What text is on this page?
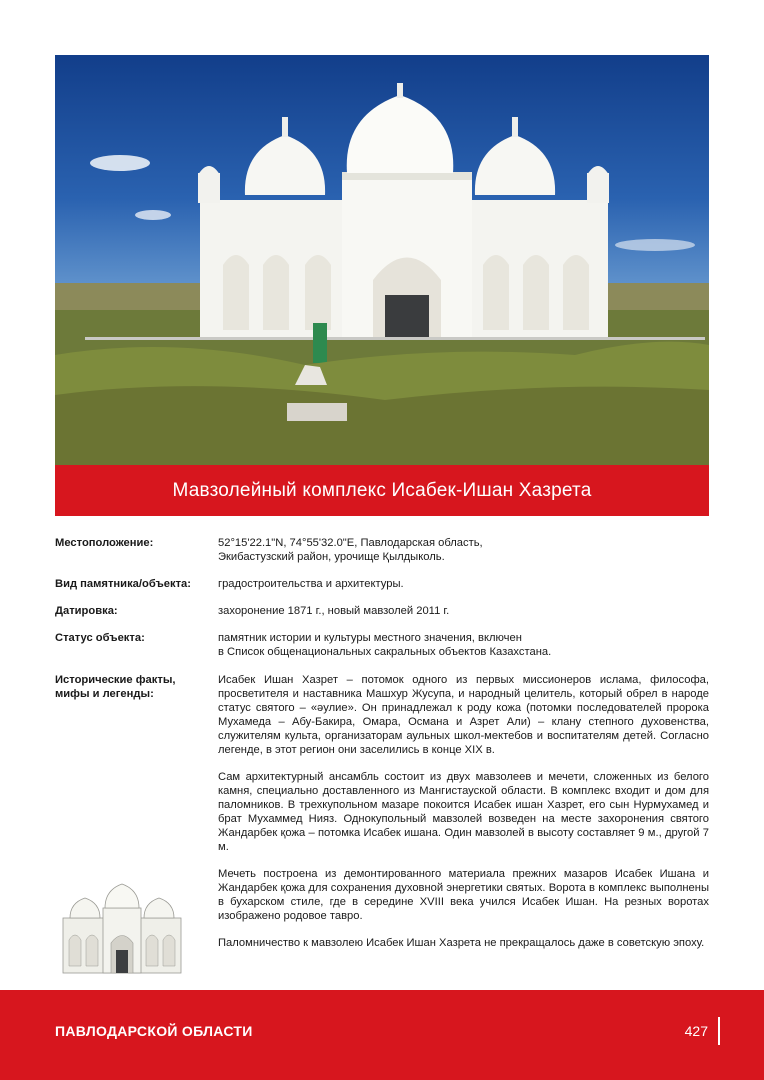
Мавзолейный комплекс Исабек-Ишан Хазрета
Местоположение:	52°15'22.1"N, 74°55'32.0"E, Павлодарская область,
Экибастузский район, урочище Қылдыколь.
Вид памятника/объекта:	градостроительства и архитектуры.
Датировка:	захоронение 1871 г., новый мавзолей 2011 г.
Статус объекта:	памятник истории и культуры местного значения, включен
в Список общенациональных сакральных объектов Казахстана.
Исторические факты,
мифы и легенды:

Исабек Ишан Хазрет – потомок одного из первых миссионеров ислама, философа, просветителя и наставника Машхур Жусупа, и народный целитель, который обрел в народе статус святого – «әулие». Он принадлежал к роду кожа (потомки последователей пророка Мухамеда – Абу-Бакира, Омара, Османа и Азрет Али) – клану степного духовенства, служителям культа, организаторам аульных школ-мектебов и воспитателям детей. Согласно легенде, в этот регион они заселились в конце XIX в.

Сам архитектурный ансамбль состоит из двух мавзолеев и мечети, сложенных из белого камня, специально доставленного из Мангистауской области. В комплекс входит и дом для паломников. В трехкупольном мазаре покоится Исабек ишан Хазрет, его сын Нурмухамед и брат Мухаммед Нияз. Однокупольный мавзолей возведен на месте захоронения святого Жандарбек қожа – потомка Исабек ишана. Один мавзолей в высоту составляет 9 м., другой 7 м.

Мечеть построена из демонтированного материала прежних мазаров Исабек Ишана и Жандарбек қожа для сохранения духовной энергетики святых. Ворота в комплекс выполнены в бухарском стиле, где в середине XVIII века учился Исабек Ишан. На резных воротах изображено родовое тавро.

Паломничество к мавзолею Исабек Ишан Хазрета не прекращалось даже в советскую эпоху.

ПАВЛОДАРСКОЙ ОБЛАСТИ	427
